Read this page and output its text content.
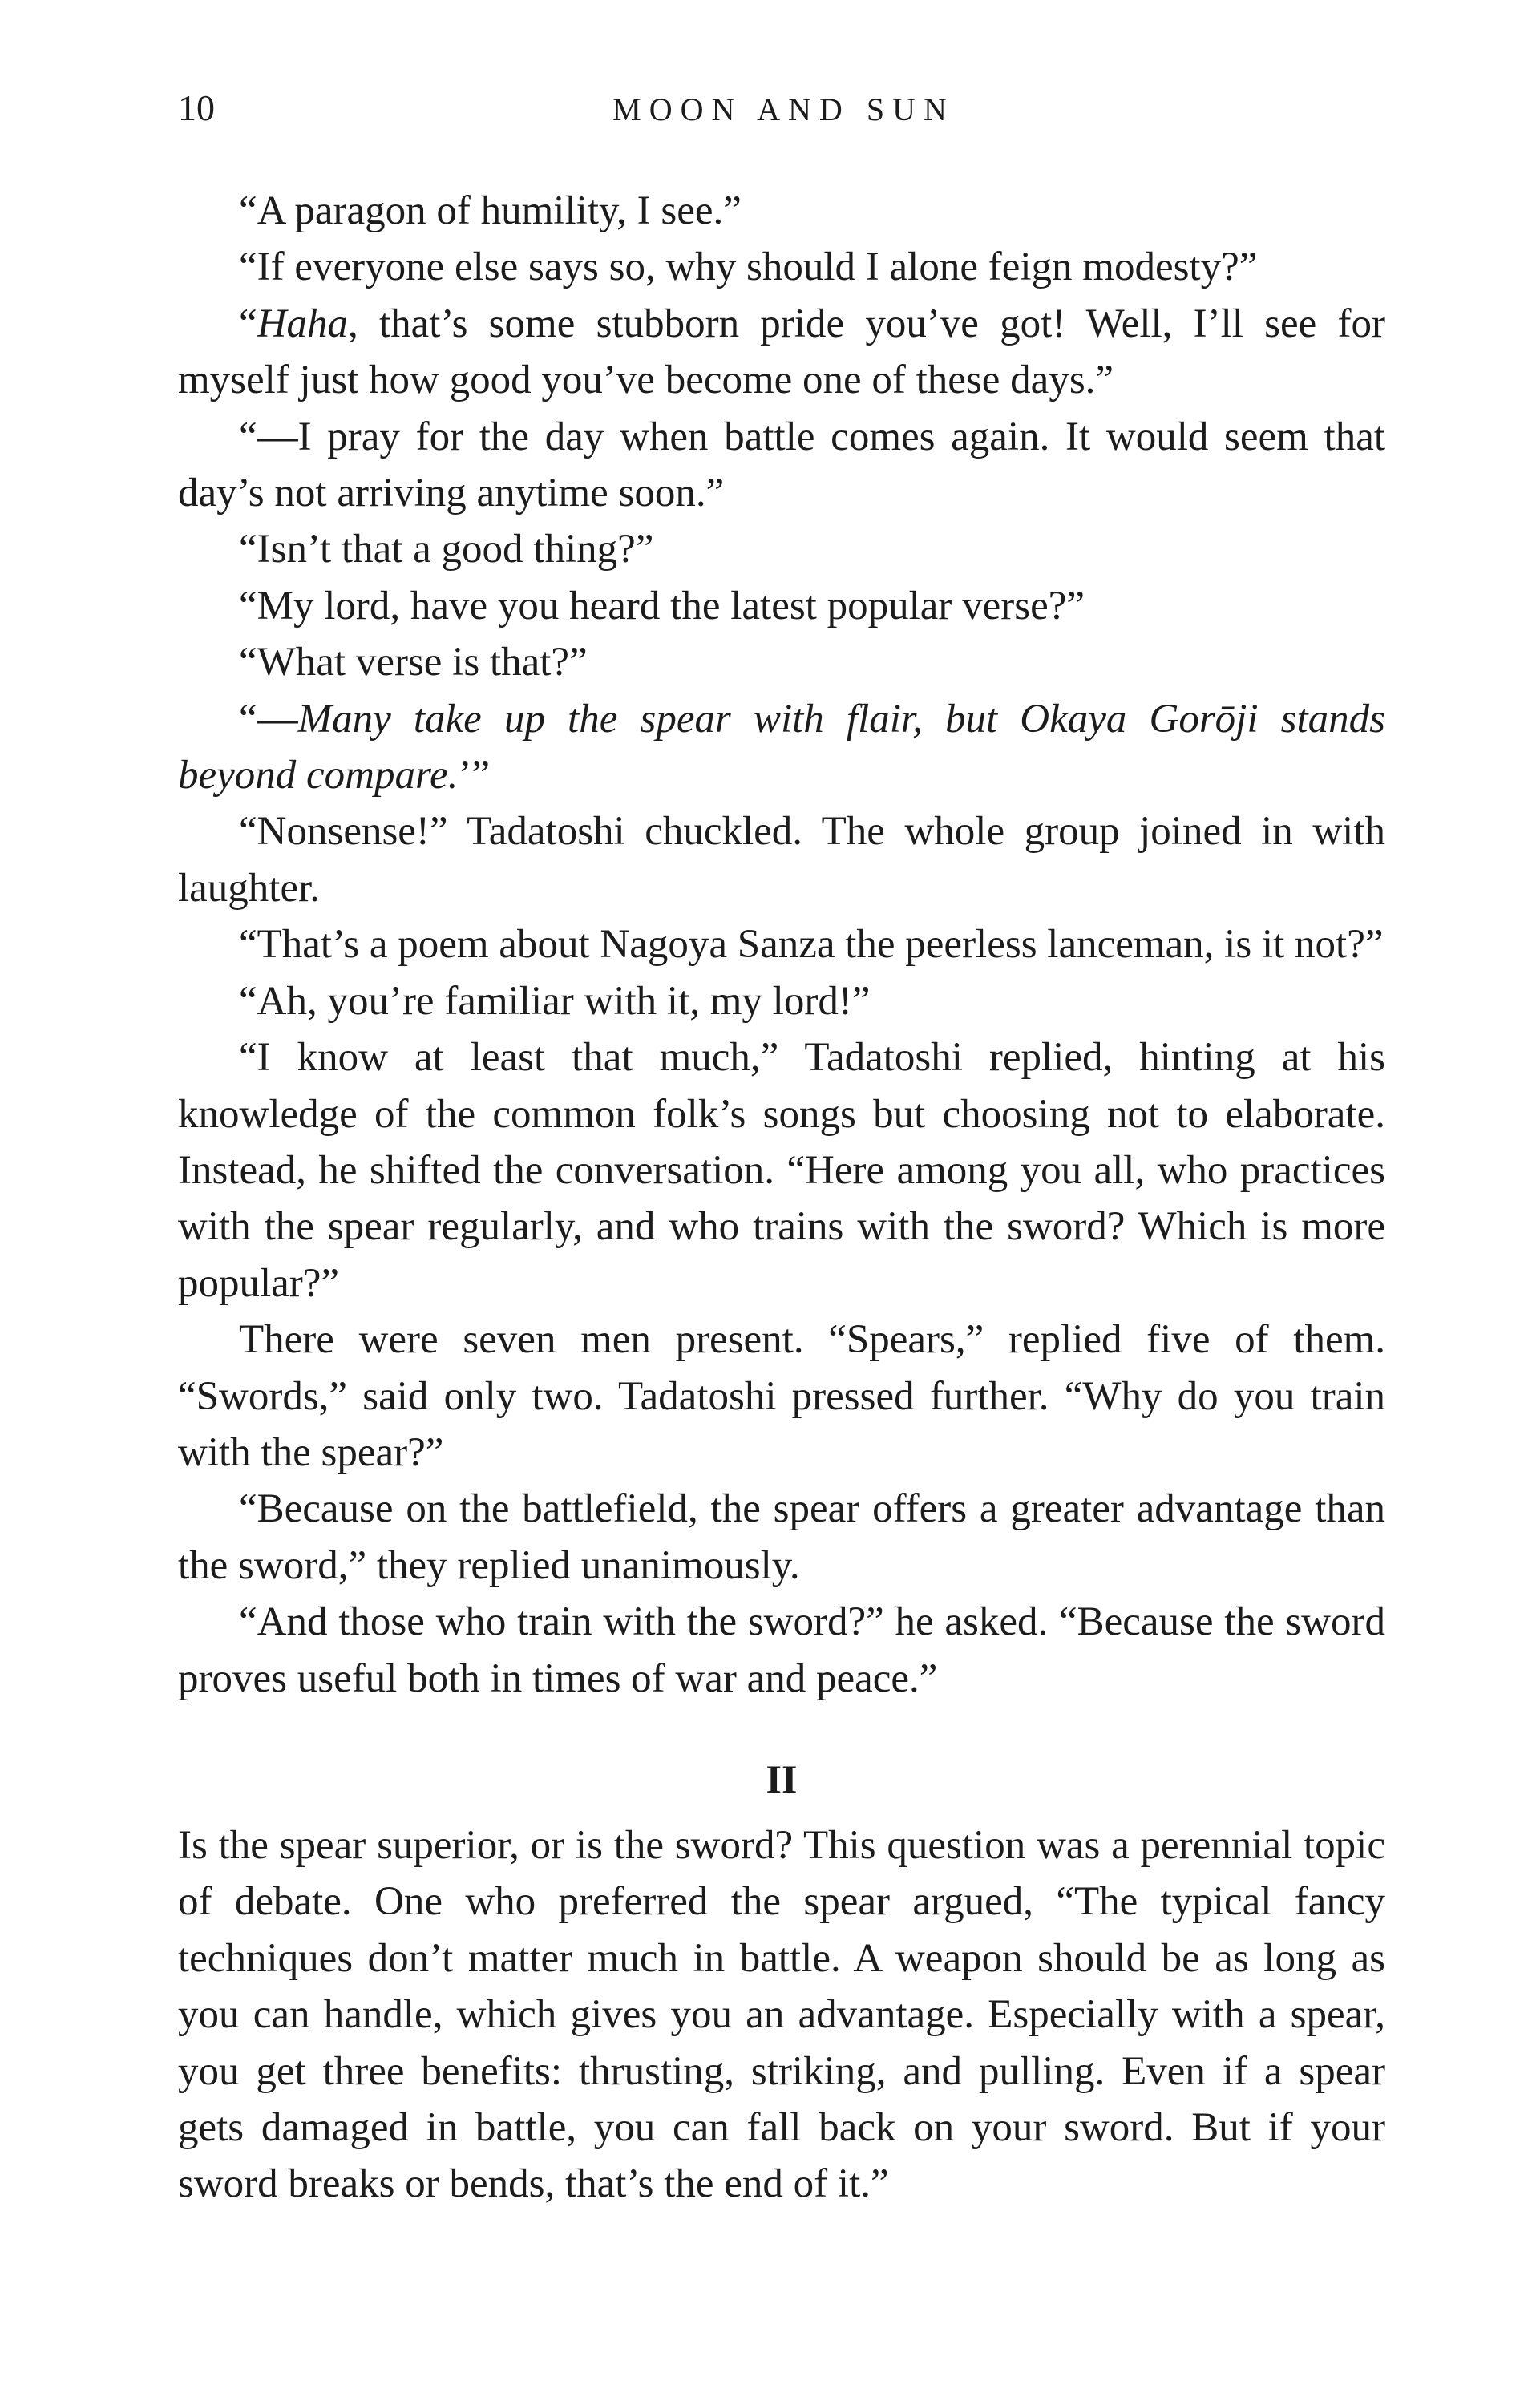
10	MOON AND SUN

“A paragon of humility, I see.”

“If everyone else says so, why should I alone feign modesty?”

“Haha, that’s some stubborn pride you’ve got! Well, I’ll see for myself just how good you’ve become one of these days.”

“—I pray for the day when battle comes again. It would seem that day’s not arriving anytime soon.”

“Isn’t that a good thing?”

“My lord, have you heard the latest popular verse?”

“What verse is that?”

“—Many take up the spear with flair, but Okaya Gorōji stands beyond compare.’”

“Nonsense!” Tadatoshi chuckled. The whole group joined in with laughter.

“That’s a poem about Nagoya Sanza the peerless lanceman, is it not?”

“Ah, you’re familiar with it, my lord!”

“I know at least that much,” Tadatoshi replied, hinting at his knowledge of the common folk’s songs but choosing not to elaborate. Instead, he shifted the conversation. “Here among you all, who practices with the spear regularly, and who trains with the sword? Which is more popular?”

There were seven men present. “Spears,” replied five of them. “Swords,” said only two. Tadatoshi pressed further. “Why do you train with the spear?”

“Because on the battlefield, the spear offers a greater advantage than the sword,” they replied unanimously.

“And those who train with the sword?” he asked. “Because the sword proves useful both in times of war and peace.”

II

Is the spear superior, or is the sword? This question was a perennial topic of debate. One who preferred the spear argued, “The typical fancy techniques don’t matter much in battle. A weapon should be as long as you can handle, which gives you an advantage. Especially with a spear, you get three benefits: thrusting, striking, and pulling. Even if a spear gets damaged in battle, you can fall back on your sword. But if your sword breaks or bends, that’s the end of it.”
